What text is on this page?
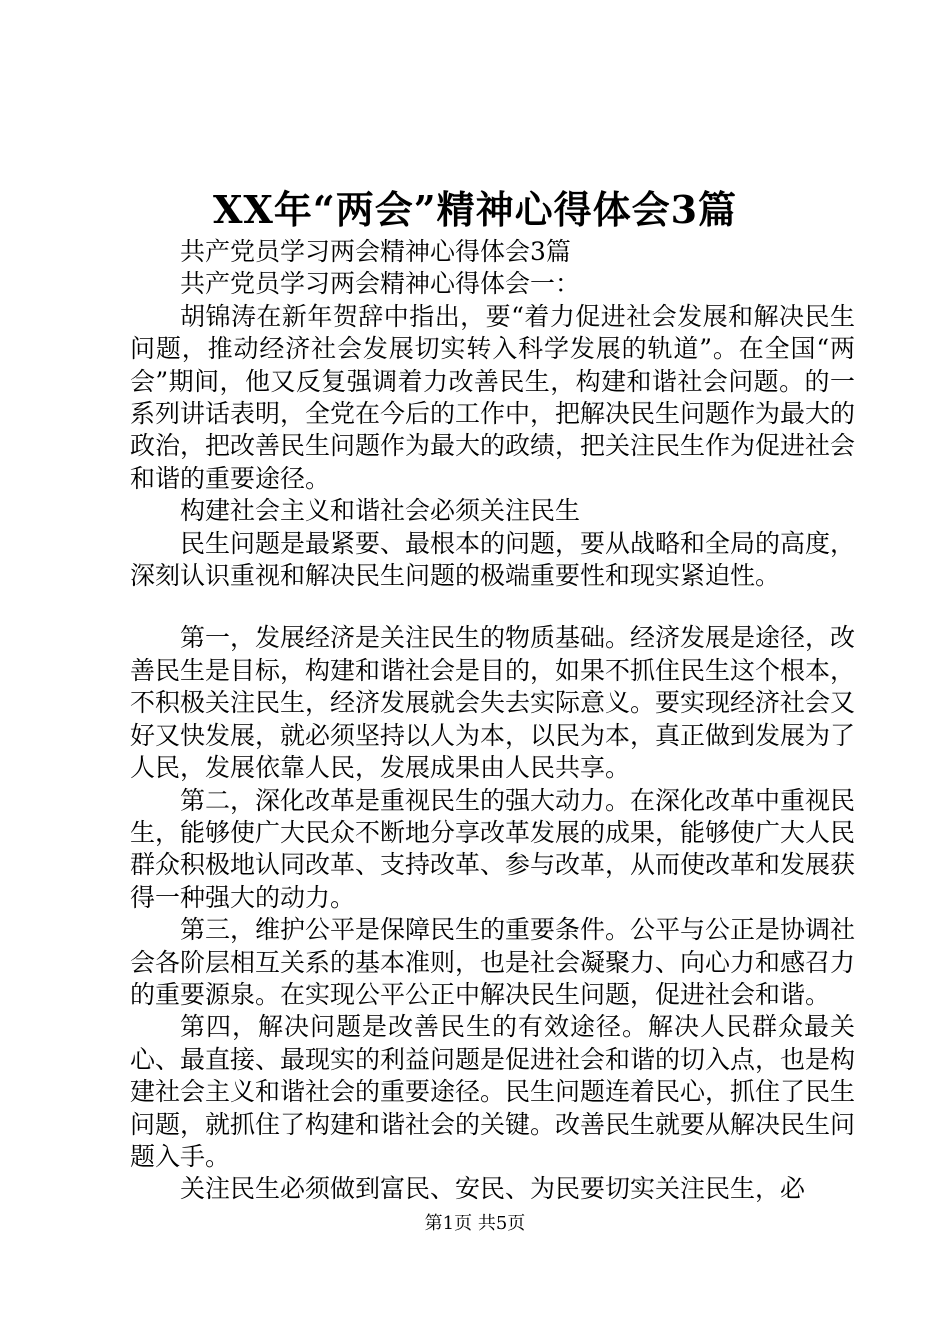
XX年“两会”精神心得体会3篇

共产党员学习两会精神心得体会3篇

共产党员学习两会精神心得体会一：

胡锦涛在新年贺辞中指出，要“着力促进社会发展和解决民生问题，推动经济社会发展切实转入科学发展的轨道”。在全国“两会”期间，他又反复强调着力改善民生，构建和谐社会问题。的一系列讲话表明，全党在今后的工作中，把解决民生问题作为最大的政治，把改善民生问题作为最大的政绩，把关注民生作为促进社会和谐的重要途径。

构建社会主义和谐社会必须关注民生

民生问题是最紧要、最根本的问题，要从战略和全局的高度，深刻认识重视和解决民生问题的极端重要性和现实紧迫性。

第一，发展经济是关注民生的物质基础。经济发展是途径，改善民生是目标，构建和谐社会是目的，如果不抓住民生这个根本，不积极关注民生，经济发展就会失去实际意义。要实现经济社会又好又快发展，就必须坚持以人为本，以民为本，真正做到发展为了人民，发展依靠人民，发展成果由人民共享。

第二，深化改革是重视民生的强大动力。在深化改革中重视民生，能够使广大民众不断地分享改革发展的成果，能够使广大人民群众积极地认同改革、支持改革、参与改革，从而使改革和发展获得一种强大的动力。

第三，维护公平是保障民生的重要条件。公平与公正是协调社会各阶层相互关系的基本准则，也是社会凝聚力、向心力和感召力的重要源泉。在实现公平公正中解决民生问题，促进社会和谐。

第四，解决问题是改善民生的有效途径。解决人民群众最关心、最直接、最现实的利益问题是促进社会和谐的切入点，也是构建社会主义和谐社会的重要途径。民生问题连着民心，抓住了民生问题，就抓住了构建和谐社会的关键。改善民生就要从解决民生问题入手。

关注民生必须做到富民、安民、为民要切实关注民生，必

第1页 共5页
